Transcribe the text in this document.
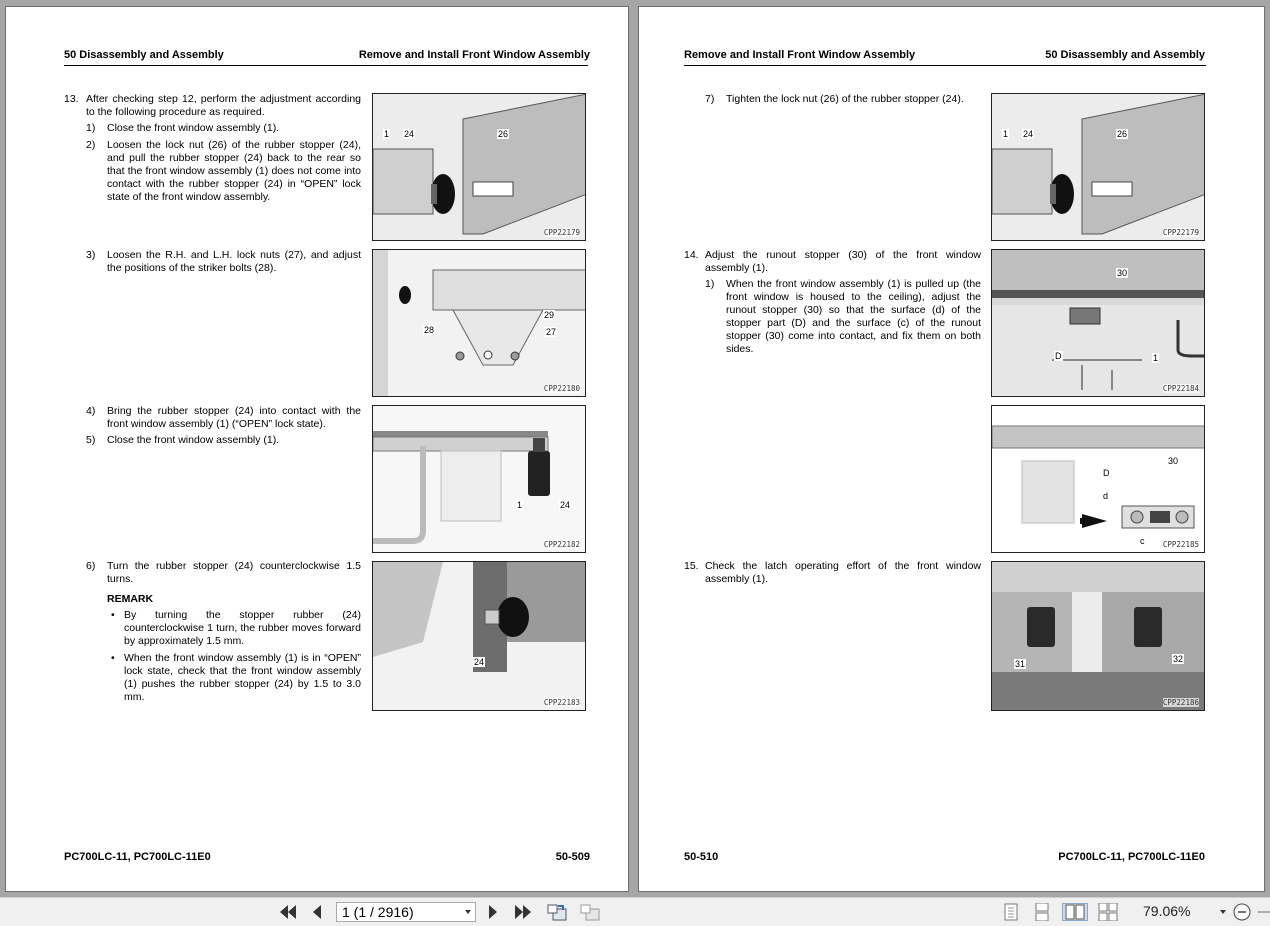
50 Disassembly and Assembly	Remove and Install Front Window Assembly
13. After checking step 12, perform the adjustment according to the following procedure as required.
1) Close the front window assembly (1).
2) Loosen the lock nut (26) of the rubber stopper (24), and pull the rubber stopper (24) back to the rear so that the front window assembly (1) does not come into contact with the rubber stopper (24) in “OPEN” lock state of the front window assembly.
3) Loosen the R.H. and L.H. lock nuts (27), and adjust the positions of the striker bolts (28).
4) Bring the rubber stopper (24) into contact with the front window assembly (1) (“OPEN” lock state).
5) Close the front window assembly (1).
6) Turn the rubber stopper (24) counterclockwise 1.5 turns.
REMARK
• By turning the stopper rubber (24) counterclockwise 1 turn, the rubber moves forward by approximately 1.5 mm.
• When the front window assembly (1) is in “OPEN” lock state, check that the front window assembly (1) pushes the rubber stopper (24) by 1.5 to 3.0 mm.
1 24	26
CPP22179
29
28	27
CPP22180
1	24
CPP22182
24
CPP22183
PC700LC-11, PC700LC-11E0	50-509
Remove and Install Front Window Assembly	50 Disassembly and Assembly
7) Tighten the lock nut (26) of the rubber stopper (24).
14. Adjust the runout stopper (30) of the front window assembly (1).
1) When the front window assembly (1) is pulled up (the front window is housed to the ceiling), adjust the runout stopper (30) so that the surface (d) of the stopper part (D) and the surface (c) of the runout stopper (30) come into contact, and fix them on both sides.
15. Check the latch operating effort of the front window assembly (1).
1 24	26
CPP22179
30
D	1
CPP22184
30
D
d
c CPP22185
31	32
CPP22186
50-510	PC700LC-11, PC700LC-11E0
1 (1 / 2916)	79.06%
